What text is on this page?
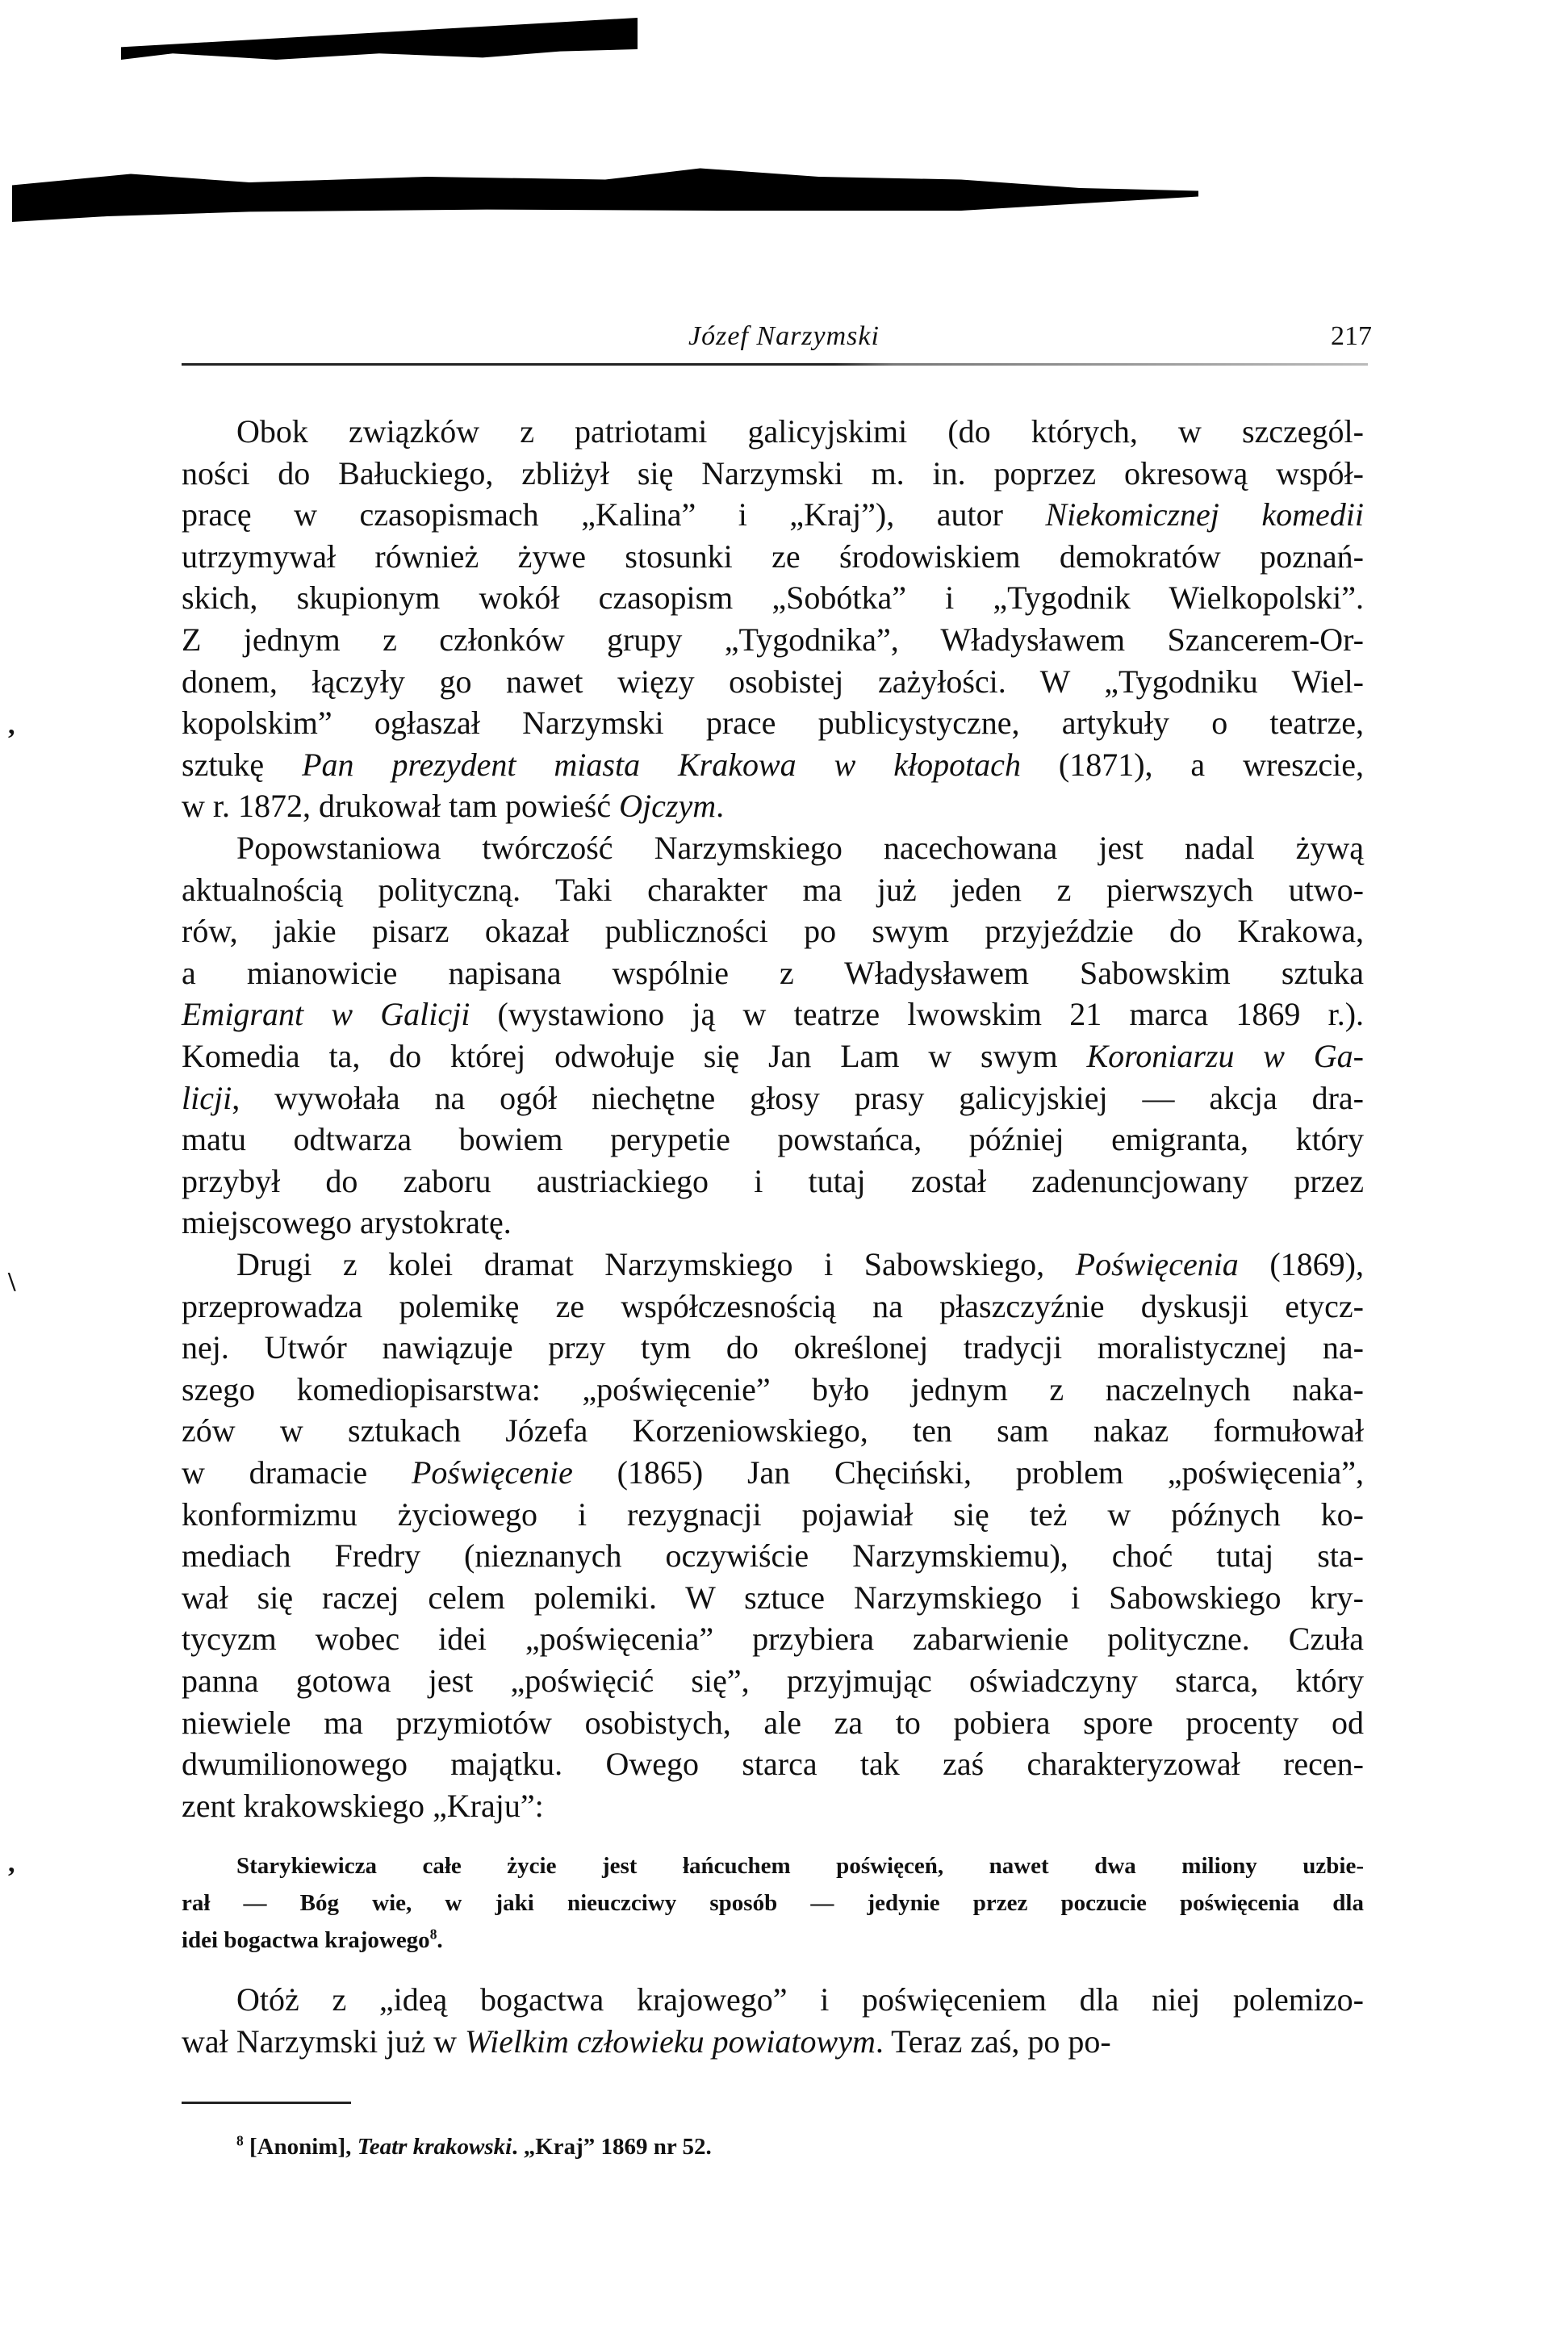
,
\
,
Józef Narzymski	217
Obok związków z patriotami galicyjskimi (do których, w szczegól-
ności do Bałuckiego, zbliżył się Narzymski m. in. poprzez okresową współ-
pracę w czasopismach „Kalina” i „Kraj”), autor Niekomicznej komedii
utrzymywał również żywe stosunki ze środowiskiem demokratów poznań-
skich, skupionym wokół czasopism „Sobótka” i „Tygodnik Wielkopolski”.
Z jednym z członków grupy „Tygodnika”, Władysławem Szancerem-Or-
donem, łączyły go nawet więzy osobistej zażyłości. W „Tygodniku Wiel-
kopolskim” ogłaszał Narzymski prace publicystyczne, artykuły o teatrze,
sztukę Pan prezydent miasta Krakowa w kłopotach (1871), a wreszcie,
w r. 1872, drukował tam powieść Ojczym.
Popowstaniowa twórczość Narzymskiego nacechowana jest nadal żywą
aktualnością polityczną. Taki charakter ma już jeden z pierwszych utwo-
rów, jakie pisarz okazał publiczności po swym przyjeździe do Krakowa,
a mianowicie napisana wspólnie z Władysławem Sabowskim sztuka
Emigrant w Galicji (wystawiono ją w teatrze lwowskim 21 marca 1869 r.).
Komedia ta, do której odwołuje się Jan Lam w swym Koroniarzu w Ga-
licji, wywołała na ogół niechętne głosy prasy galicyjskiej — akcja dra-
matu odtwarza bowiem perypetie powstańca, później emigranta, który
przybył do zaboru austriackiego i tutaj został zadenuncjowany przez
miejscowego arystokratę.
Drugi z kolei dramat Narzymskiego i Sabowskiego, Poświęcenia (1869),
przeprowadza polemikę ze współczesnością na płaszczyźnie dyskusji etycz-
nej. Utwór nawiązuje przy tym do określonej tradycji moralistycznej na-
szego komediopisarstwa: „poświęcenie” było jednym z naczelnych naka-
zów w sztukach Józefa Korzeniowskiego, ten sam nakaz formułował
w dramacie Poświęcenie (1865) Jan Chęciński, problem „poświęcenia”,
konformizmu życiowego i rezygnacji pojawiał się też w późnych ko-
mediach Fredry (nieznanych oczywiście Narzymskiemu), choć tutaj sta-
wał się raczej celem polemiki. W sztuce Narzymskiego i Sabowskiego kry-
tycyzm wobec idei „poświęcenia” przybiera zabarwienie polityczne. Czuła
panna gotowa jest „poświęcić się”, przyjmując oświadczyny starca, który
niewiele ma przymiotów osobistych, ale za to pobiera spore procenty od
dwumilionowego majątku. Owego starca tak zaś charakteryzował recen-
zent krakowskiego „Kraju”:
Starykiewicza całe życie jest łańcuchem poświęceń, nawet dwa miliony uzbie-
rał — Bóg wie, w jaki nieuczciwy sposób — jedynie przez poczucie poświęcenia dla
idei bogactwa krajowego$^8$.
Otóż z „ideą bogactwa krajowego” i poświęceniem dla niej polemizo-
wał Narzymski już w Wielkim człowieku powiatowym. Teraz zaś, po po-
$^8$ [Anonim], Teatr krakowski. „Kraj” 1869 nr 52.
